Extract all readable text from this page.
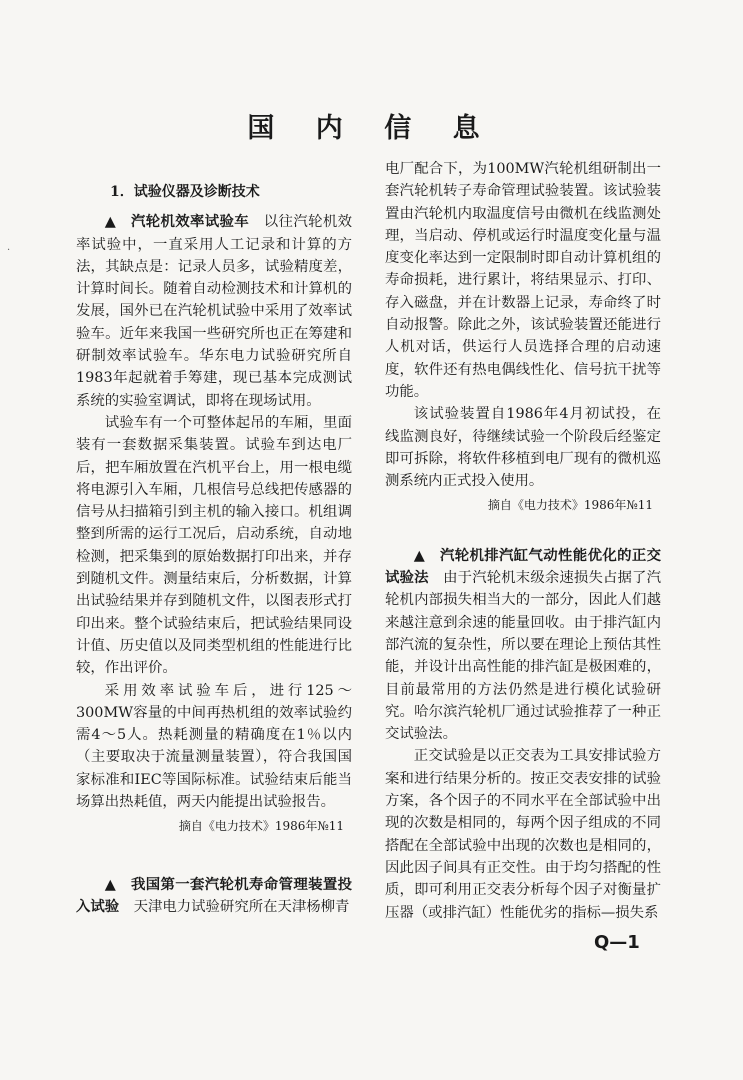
·
国 内 信 息
1．试验仪器及诊断技术

▲　汽轮机效率试验车　以往汽轮机效率试验中，一直采用人工记录和计算的方法，其缺点是：记录人员多，试验精度差，计算时间长。随着自动检测技术和计算机的发展，国外已在汽轮机试验中采用了效率试验车。近年来我国一些研究所也正在筹建和研制效率试验车。华东电力试验研究所自1983年起就着手筹建，现已基本完成测试系统的实验室调试，即将在现场试用。

试验车有一个可整体起吊的车厢，里面装有一套数据采集装置。试验车到达电厂后，把车厢放置在汽机平台上，用一根电缆将电源引入车厢，几根信号总线把传感器的信号从扫描箱引到主机的输入接口。机组调整到所需的运行工况后，启动系统，自动地检测，把采集到的原始数据打印出来，并存到随机文件。测量结束后，分析数据，计算出试验结果并存到随机文件，以图表形式打印出来。整个试验结束后，把试验结果同设计值、历史值以及同类型机组的性能进行比较，作出评价。

采用效率试验车后，进行125～300MW容量的中间再热机组的效率试验约需4～5人。热耗测量的精确度在1％以内（主要取决于流量测量装置），符合我国国家标准和IEC等国际标准。试验结束后能当场算出热耗值，两天内能提出试验报告。

摘自《电力技术》1986年№11

▲　我国第一套汽轮机寿命管理装置投入试验　天津电力试验研究所在天津杨柳青

电厂配合下，为100MW汽轮机组研制出一套汽轮机转子寿命管理试验装置。该试验装置由汽轮机内取温度信号由微机在线监测处理，当启动、停机或运行时温度变化量与温度变化率达到一定限制时即自动计算机组的寿命损耗，进行累计，将结果显示、打印、存入磁盘，并在计数器上记录，寿命终了时自动报警。除此之外，该试验装置还能进行人机对话，供运行人员选择合理的启动速度，软件还有热电偶线性化、信号抗干扰等功能。

该试验装置自1986年4月初试投，在线监测良好，待继续试验一个阶段后经鉴定即可拆除，将软件移植到电厂现有的微机巡测系统内正式投入使用。

摘自《电力技术》1986年№11

▲　汽轮机排汽缸气动性能优化的正交试验法　由于汽轮机末级余速损失占据了汽轮机内部损失相当大的一部分，因此人们越来越注意到余速的能量回收。由于排汽缸内部汽流的复杂性，所以要在理论上预估其性能，并设计出高性能的排汽缸是极困难的，目前最常用的方法仍然是进行模化试验研究。哈尔滨汽轮机厂通过试验推荐了一种正交试验法。

正交试验是以正交表为工具安排试验方案和进行结果分析的。按正交表安排的试验方案，各个因子的不同水平在全部试验中出现的次数是相同的，每两个因子组成的不同搭配在全部试验中出现的次数也是相同的，因此因子间具有正交性。由于均匀搭配的性质，即可利用正交表分析每个因子对衡量扩压器（或排汽缸）性能优劣的指标—损失系

Q—1
